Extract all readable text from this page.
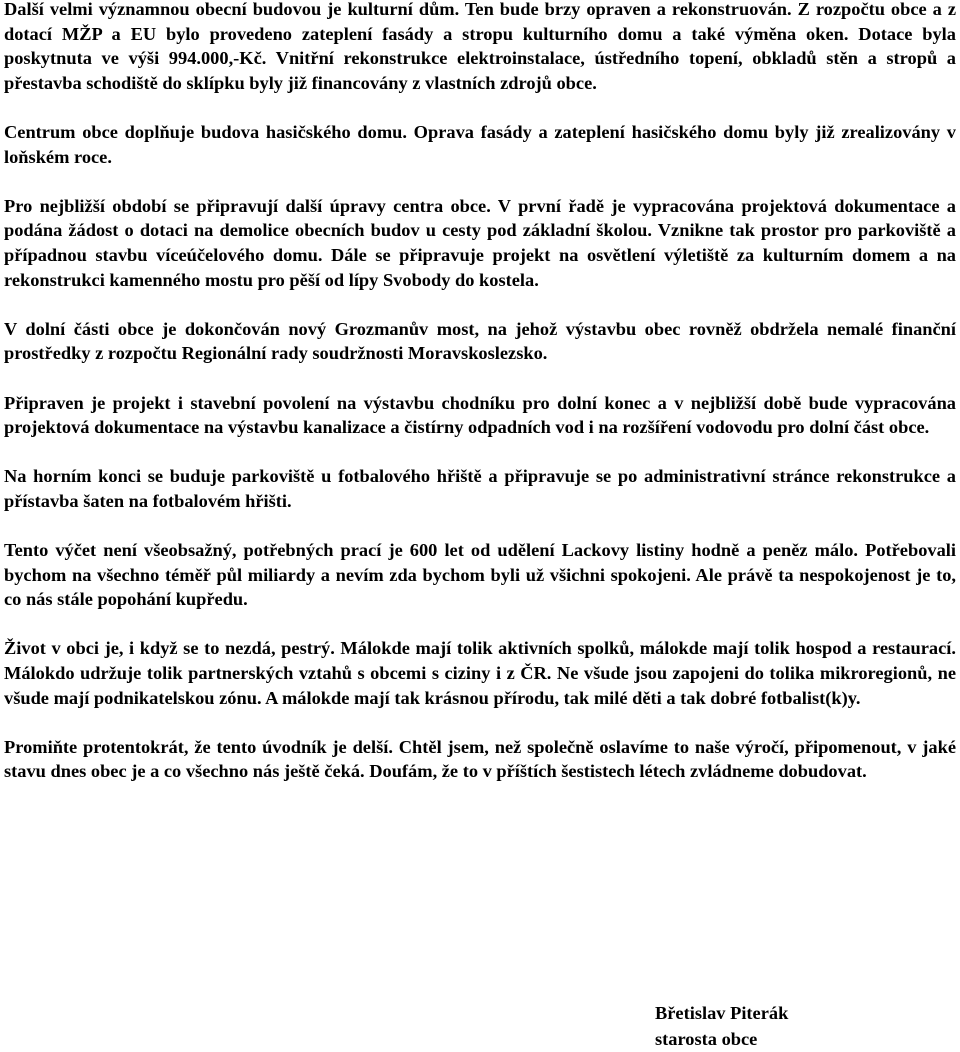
Další velmi významnou obecní budovou je kulturní dům. Ten bude brzy opraven a rekonstruován. Z rozpočtu obce a z dotací MŽP a EU bylo provedeno zateplení fasády a stropu kulturního domu a také výměna oken. Dotace byla poskytnuta ve výši 994.000,-Kč. Vnitřní rekonstrukce elektroinstalace, ústředního topení, obkladů stěn a stropů a přestavba schodiště do sklípku byly již financovány z vlastních zdrojů obce.

Centrum obce doplňuje budova hasičského domu. Oprava fasády a zateplení hasičského domu byly již zrealizovány v loňském roce.

Pro nejbližší období se připravují další úpravy centra obce. V první řadě je vypracována projektová dokumentace a podána žádost o dotaci na demolice obecních budov u cesty pod základní školou. Vznikne tak prostor pro parkoviště a případnou stavbu víceúčelového domu. Dále se připravuje projekt na osvětlení výletiště za kulturním domem a na rekonstrukci kamenného mostu pro pěší od lípy Svobody do kostela.

V dolní části obce je dokončován nový Grozmanův most, na jehož výstavbu obec rovněž obdržela nemalé finanční prostředky z rozpočtu Regionální rady soudržnosti Moravskoslezsko.

Připraven je projekt i stavební povolení na výstavbu chodníku pro dolní konec a v nejbližší době bude vypracována projektová dokumentace na výstavbu kanalizace a čistírny odpadních vod i na rozšíření vodovodu pro dolní část obce.

Na horním konci se buduje parkoviště u fotbalového hřiště a připravuje se po administrativní stránce rekonstrukce a přístavba šaten na fotbalovém hřišti.

Tento výčet není všeobsažný, potřebných prací je 600 let od udělení Lackovy listiny hodně a peněz málo. Potřebovali bychom na všechno téměř půl miliardy a nevím zda bychom byli už všichni spokojeni. Ale právě ta nespokojenost je to, co nás stále popohání kupředu.

Život v obci je, i když se to nezdá, pestrý. Málokde mají tolik aktivních spolků, málokde mají tolik hospod a restaurací. Málokdo udržuje tolik partnerských vztahů s obcemi s ciziny i z ČR. Ne všude jsou zapojeni do tolika mikroregionů, ne všude mají podnikatelskou zónu. A málokde mají tak krásnou přírodu, tak milé děti a tak dobré fotbalist(k)y.

Promiňte protentokrát, že tento úvodník je delší. Chtěl jsem, než společně oslavíme to naše výročí, připomenout, v jaké stavu dnes obec je a co všechno nás ještě čeká. Doufám, že to v příštích šestistech létech zvládneme dobudovat.

Břetislav Piterák
starosta obce
